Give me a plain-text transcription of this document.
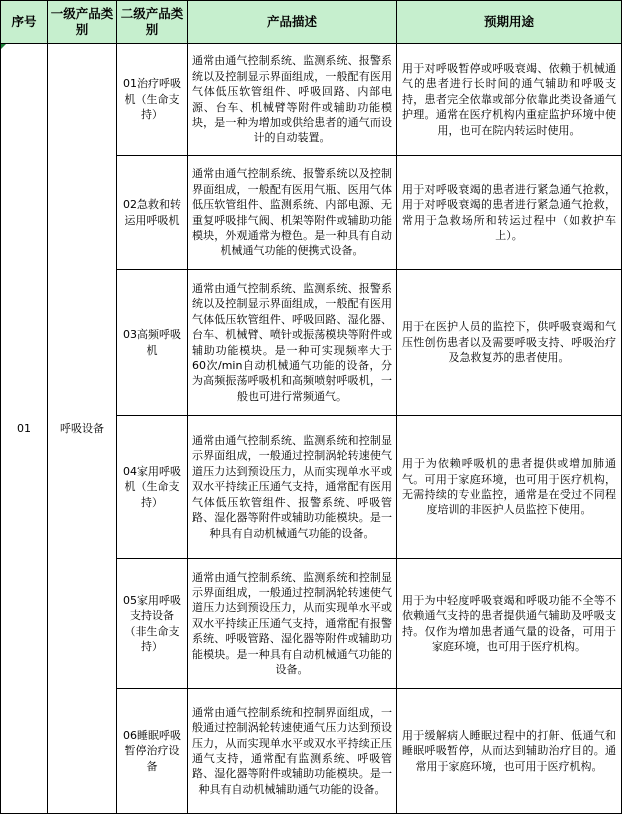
序号	一级产品类别	二级产品类别	产品描述	预期用途

01	呼吸设备	01治疗呼吸机（生命支持）	通常由通气控制系统、监测系统、报警系统以及控制显示界面组成，一般配有医用气体低压软管组件、呼吸回路、内部电源、台车、机械臂等附件或辅助功能模块，是一种为增加或供给患者的通气而设计的自动装置。	用于对呼吸暂停或呼吸衰竭、依赖于机械通气的患者进行长时间的通气辅助和呼吸支持，患者完全依靠或部分依靠此类设备通气护理。通常在医疗机构内重症监护环境中使用，也可在院内转运时使用。
		02急救和转运用呼吸机	通常由通气控制系统、报警系统以及控制界面组成，一般配有医用气瓶、医用气体低压软管组件、监测系统、内部电源、无重复呼吸排气阀、机架等附件或辅助功能模块，外观通常为橙色。是一种具有自动机械通气功能的便携式设备。	用于对呼吸衰竭的患者进行紧急通气抢救，用于对呼吸衰竭的患者进行紧急通气抢救，常用于急救场所和转运过程中（如救护车上）。
		03高频呼吸机	通常由通气控制系统、监测系统、报警系统以及控制显示界面组成，一般配有医用气体低压软管组件、呼吸回路、湿化器、台车、机械臂、喷针或振荡模块等附件或辅助功能模块。是一种可实现频率大于60次/min自动机械通气功能的设备，分为高频振荡呼吸机和高频喷射呼吸机，一般也可进行常频通气。	用于在医护人员的监控下，供呼吸衰竭和气压性创伤患者以及需要呼吸支持、呼吸治疗及急救复苏的患者使用。
		04家用呼吸机（生命支持）	通常由通气控制系统、监测系统和控制显示界面组成，一般通过控制涡轮转速使气道压力达到预设压力，从而实现单水平或双水平持续正压通气支持，通常配有医用气体低压软管组件、报警系统、呼吸管路、湿化器等附件或辅助功能模块。是一种具有自动机械通气功能的设备。	用于为依赖呼吸机的患者提供或增加肺通气。可用于家庭环境，也可用于医疗机构，无需持续的专业监控，通常是在受过不同程度培训的非医护人员监控下使用。
		05家用呼吸支持设备（非生命支持）	通常由通气控制系统、监测系统和控制显示界面组成，一般通过控制涡轮转速使气道压力达到预设压力，从而实现单水平或双水平持续正压通气支持，通常配有报警系统、呼吸管路、湿化器等附件或辅助功能模块。是一种具有自动机械通气功能的设备。	用于为中轻度呼吸衰竭和呼吸功能不全等不依赖通气支持的患者提供通气辅助及呼吸支持。仅作为增加患者通气量的设备，可用于家庭环境，也可用于医疗机构。
		06睡眠呼吸暂停治疗设备	通常由通气控制系统和控制界面组成，一般通过控制涡轮转速使通气压力达到预设压力，从而实现单水平或双水平持续正压通气支持，通常配有监测系统、呼吸管路、湿化器等附件或辅助功能模块。是一种具有自动机械辅助通气功能的设备。	用于缓解病人睡眠过程中的打鼾、低通气和睡眠呼吸暂停，从而达到辅助治疗目的。通常用于家庭环境，也可用于医疗机构。
